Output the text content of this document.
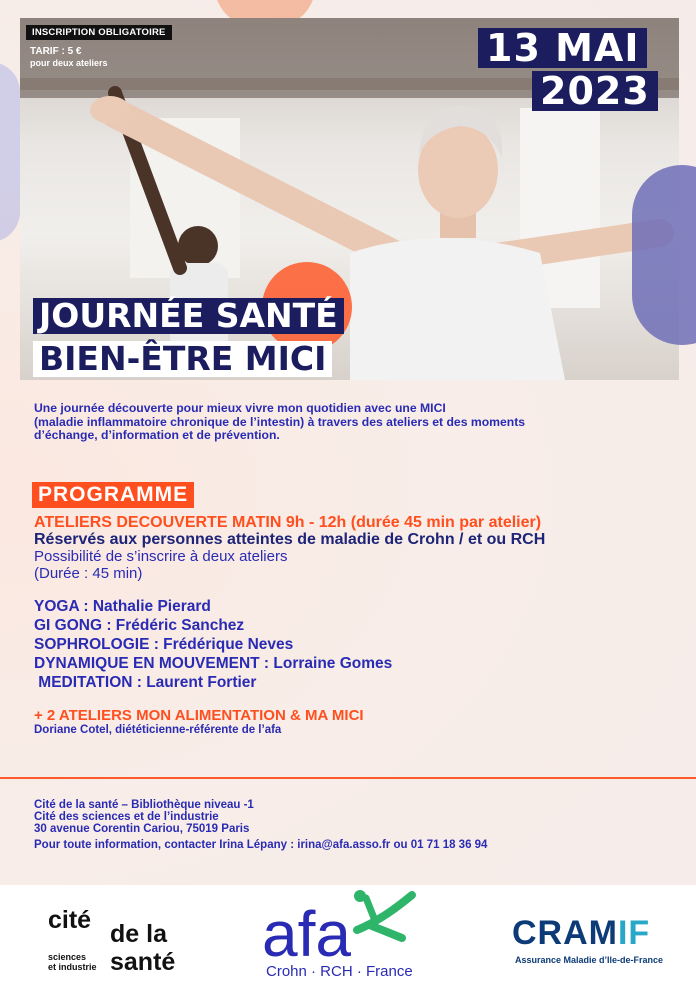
INSCRIPTION OBLIGATOIRE
TARIF : 5 €
pour deux ateliers	13 MAI
2023
JOURNÉE SANTÉ
BIEN-ÊTRE MICI
Une journée découverte pour mieux vivre mon quotidien avec une MICI
(maladie inflammatoire chronique de l’intestin) à travers des ateliers et des moments
d’échange, d’information et de prévention.
PROGRAMME
ATELIERS DECOUVERTE MATIN 9h - 12h (durée 45 min par atelier)
Réservés aux personnes atteintes de maladie de Crohn / et ou RCH
Possibilité de s’inscrire à deux ateliers
(Durée : 45 min)
YOGA : Nathalie Pierard
GI GONG : Frédéric Sanchez
SOPHROLOGIE : Frédérique Neves
DYNAMIQUE EN MOUVEMENT : Lorraine Gomes
MEDITATION : Laurent Fortier
+ 2 ATELIERS MON ALIMENTATION & MA MICI
Doriane Cotel, diététicienne-référente de l’afa
Cité de la santé – Bibliothèque niveau -1
Cité des sciences et de l’industrie
30 avenue Corentin Cariou, 75019 Paris
Pour toute information, contacter Irina Lépany : irina@afa.asso.fr ou 01 71 18 36 94
cité
sciences
et industrie
de la
santé afa
Crohn · RCH · France
CRAMIF
Assurance Maladie d’Ile-de-France
